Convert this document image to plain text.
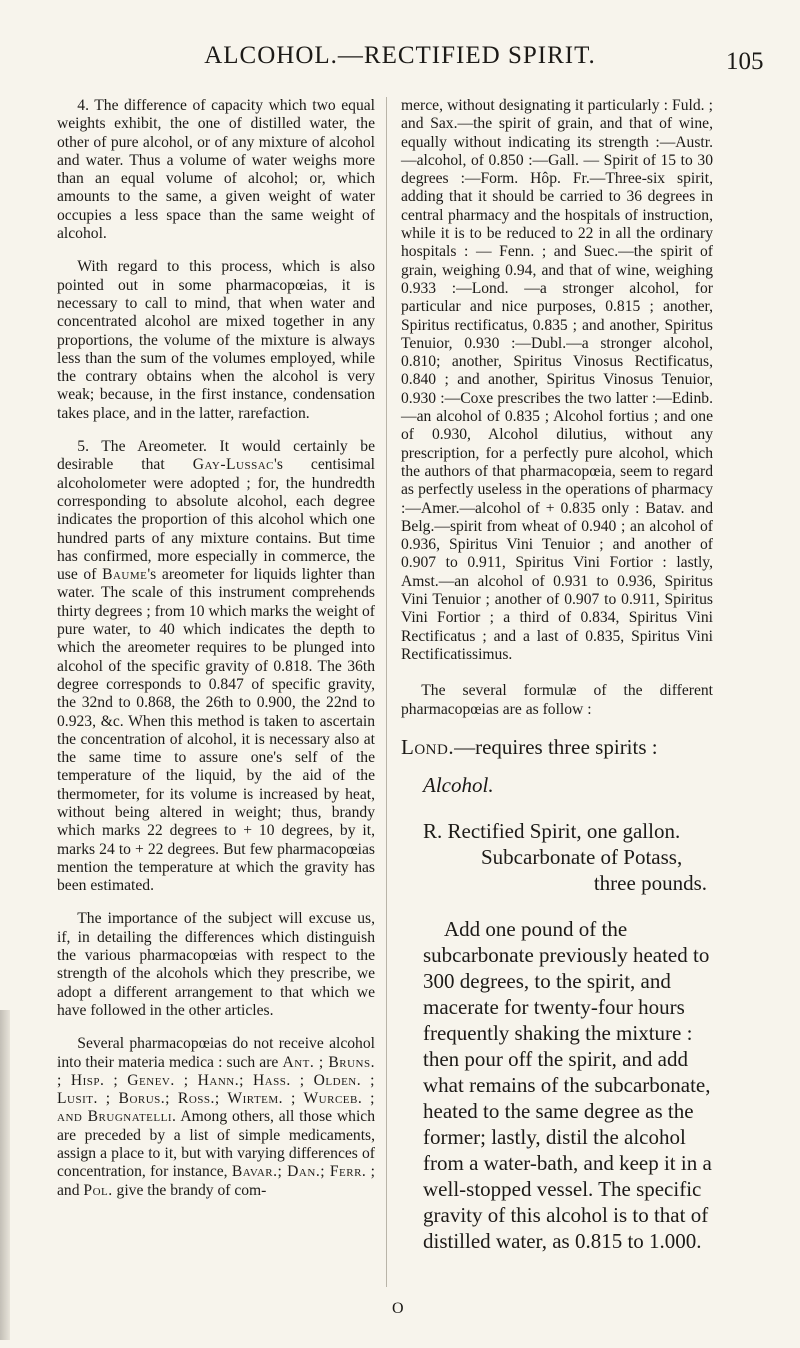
ALCOHOL.—RECTIFIED SPIRIT.	105

4. The difference of capacity which two equal weights exhibit, the one of distilled water, the other of pure alcohol, or of any mixture of alcohol and water. Thus a volume of water weighs more than an equal volume of alcohol; or, which amounts to the same, a given weight of water occupies a less space than the same weight of alcohol.

With regard to this process, which is also pointed out in some pharmacopœias, it is necessary to call to mind, that when water and concentrated alcohol are mixed together in any proportions, the volume of the mixture is always less than the sum of the volumes employed, while the contrary obtains when the alcohol is very weak; because, in the first instance, condensation takes place, and in the latter, rarefaction.

5. The Areometer. It would certainly be desirable that Gay-Lussac's centisimal alcoholometer were adopted ; for, the hundredth corresponding to absolute alcohol, each degree indicates the proportion of this alcohol which one hundred parts of any mixture contains. But time has confirmed, more especially in commerce, the use of Baume's areometer for liquids lighter than water. The scale of this instrument comprehends thirty degrees ; from 10 which marks the weight of pure water, to 40 which indicates the depth to which the areometer requires to be plunged into alcohol of the specific gravity of 0.818. The 36th degree corresponds to 0.847 of specific gravity, the 32nd to 0.868, the 26th to 0.900, the 22nd to 0.923, &c. When this method is taken to ascertain the concentration of alcohol, it is necessary also at the same time to assure one's self of the temperature of the liquid, by the aid of the thermometer, for its volume is increased by heat, without being altered in weight; thus, brandy which marks 22 degrees to + 10 degrees, by it, marks 24 to + 22 degrees. But few pharmacopœias mention the temperature at which the gravity has been estimated.

The importance of the subject will excuse us, if, in detailing the differences which distinguish the various pharmacopœias with respect to the strength of the alcohols which they prescribe, we adopt a different arrangement to that which we have followed in the other articles.

Several pharmacopœias do not receive alcohol into their materia medica : such are Ant. ; Bruns. ; Hisp. ; Genev. ; Hann.; Hass. ; Olden. ; Lusit. ; Borus.; Ross.; Wirtem. ; Wurceb. ; and Brugnatelli. Among others, all those which are preceded by a list of simple medicaments, assign a place to it, but with varying differences of concentration, for instance, Bavar.; Dan.; Ferr. ; and Pol. give the brandy of com-

merce, without designating it particularly : Fuld. ; and Sax.—the spirit of grain, and that of wine, equally without indicating its strength :—Austr.—alcohol, of 0.850 :—Gall. — Spirit of 15 to 30 degrees :—Form. Hôp. Fr.—Three-six spirit, adding that it should be carried to 36 degrees in central pharmacy and the hospitals of instruction, while it is to be reduced to 22 in all the ordinary hospitals : — Fenn. ; and Suec.—the spirit of grain, weighing 0.94, and that of wine, weighing 0.933 :—Lond. —a stronger alcohol, for particular and nice purposes, 0.815 ; another, Spiritus rectificatus, 0.835 ; and another, Spiritus Tenuior, 0.930 :—Dubl.—a stronger alcohol, 0.810; another, Spiritus Vinosus Rectificatus, 0.840 ; and another, Spiritus Vinosus Tenuior, 0.930 :—Coxe prescribes the two latter :—Edinb.—an alcohol of 0.835 ; Alcohol fortius ; and one of 0.930, Alcohol dilutius, without any prescription, for a perfectly pure alcohol, which the authors of that pharmacopœia, seem to regard as perfectly useless in the operations of pharmacy :—Amer.—alcohol of + 0.835 only : Batav. and Belg.—spirit from wheat of 0.940 ; an alcohol of 0.936, Spiritus Vini Tenuior ; and another of 0.907 to 0.911, Spiritus Vini Fortior : lastly, Amst.—an alcohol of 0.931 to 0.936, Spiritus Vini Tenuior ; another of 0.907 to 0.911, Spiritus Vini Fortior ; a third of 0.834, Spiritus Vini Rectificatus ; and a last of 0.835, Spiritus Vini Rectificatissimus.

The several formulæ of the different pharmacopœias are as follow :

Lond.—requires three spirits :

Alcohol.

R. Rectified Spirit, one gallon.
Subcarbonate of Potass,
three pounds.

Add one pound of the subcarbonate previously heated to 300 degrees, to the spirit, and macerate for twenty-four hours frequently shaking the mixture : then pour off the spirit, and add what remains of the subcarbonate, heated to the same degree as the former; lastly, distil the alcohol from a water-bath, and keep it in a well-stopped vessel. The specific gravity of this alcohol is to that of distilled water, as 0.815 to 1.000.

O
